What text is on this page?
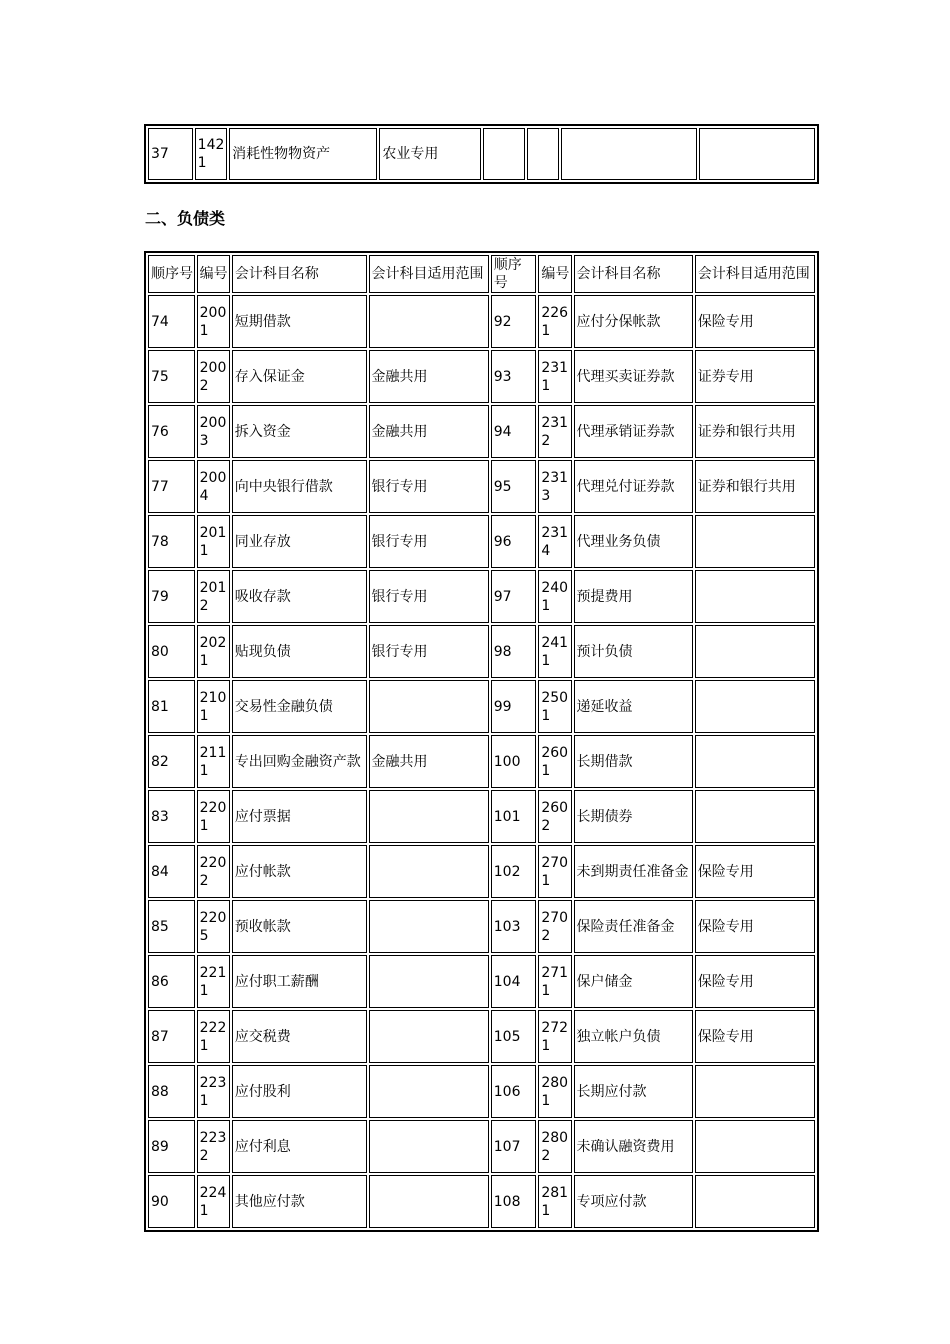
37	1421	消耗性物物资产	农业专用				
二、负债类
顺序号	编号	会计科目名称	会计科目适用范围	顺序号	编号	会计科目名称	会计科目适用范围
74	2001	短期借款		92	2261	应付分保帐款	保险专用
75	2002	存入保证金	金融共用	93	2311	代理买卖证券款	证券专用
76	2003	拆入资金	金融共用	94	2312	代理承销证券款	证券和银行共用
77	2004	向中央银行借款	银行专用	95	2313	代理兑付证券款	证券和银行共用
78	2011	同业存放	银行专用	96	2314	代理业务负债	
79	2012	吸收存款	银行专用	97	2401	预提费用	
80	2021	贴现负债	银行专用	98	2411	预计负债	
81	2101	交易性金融负债		99	2501	递延收益	
82	2111	专出回购金融资产款	金融共用	100	2601	长期借款	
83	2201	应付票据		101	2602	长期债券	
84	2202	应付帐款		102	2701	未到期责任准备金	保险专用
85	2205	预收帐款		103	2702	保险责任准备金	保险专用
86	2211	应付职工薪酬		104	2711	保户储金	保险专用
87	2221	应交税费		105	2721	独立帐户负债	保险专用
88	2231	应付股利		106	2801	长期应付款	
89	2232	应付利息		107	2802	未确认融资费用	
90	2241	其他应付款		108	2811	专项应付款	
